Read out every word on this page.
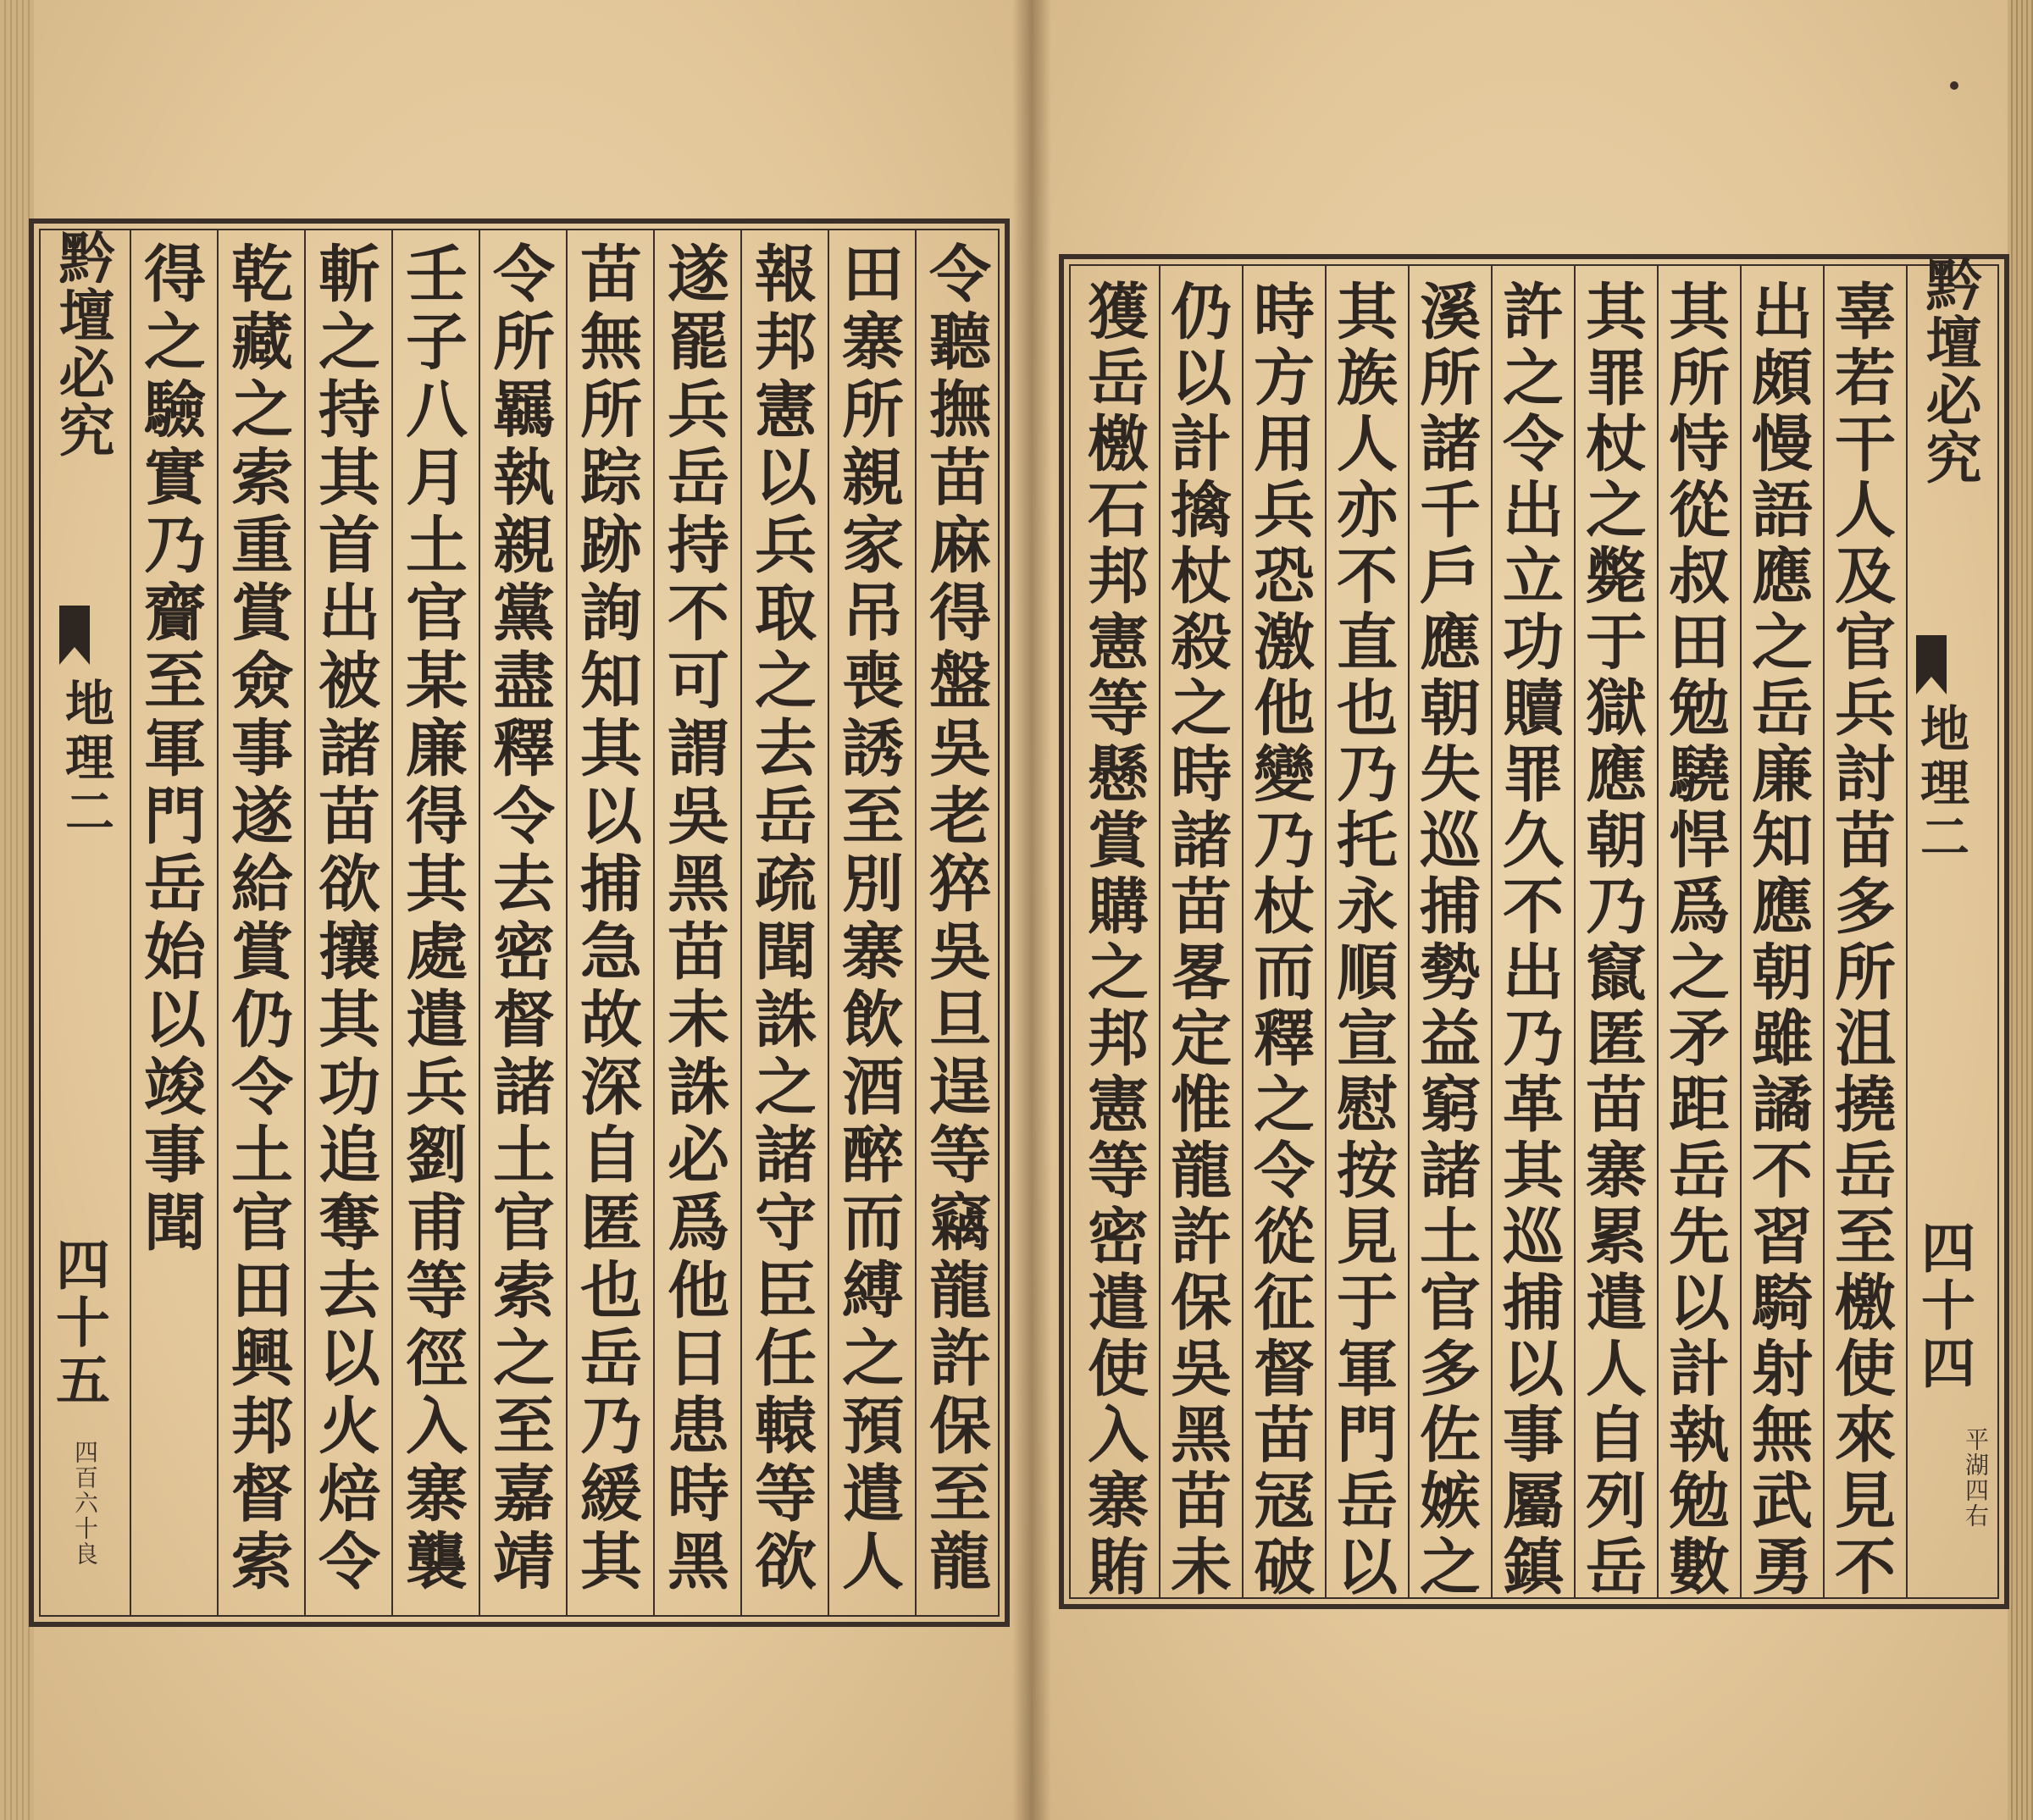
令聽撫苗麻得盤吳老猝吳旦逞等竊龍許保至龍
田寨所親家吊喪誘至別寨飲酒醉而縛之預遣人
報邦憲以兵取之去岳疏聞誅之諸守臣任轅等欲
遂罷兵岳持不可謂吳黑苗未誅必爲他日患時黑
苗無所踪跡詢知其以捕急故深自匿也岳乃緩其
令所羈執親黨盡釋令去密督諸土官索之至嘉靖
壬子八月土官某廉得其處遣兵劉甫等徑入寨襲
斬之持其首出被諸苗欲攘其功追奪去以火焙令
乾藏之索重賞僉事遂給賞仍令土官田興邦督索
得之驗實乃齎至軍門岳始以竣事聞
黔壇必究
地理二
四十五
四百六十良
黔壇必究
地理二
四十四
平湖四右
辜若干人及官兵討苗多所沮撓岳至檄使來見不
出頗慢語應之岳廉知應朝雖譎不習騎射無武勇
其所恃從叔田勉驍悍爲之矛距岳先以計執勉數
其罪杖之斃于獄應朝乃竄匿苗寨累遣人自列岳
許之令出立功贖罪久不出乃革其巡捕以事屬鎮
溪所諸千戶應朝失巡捕勢益窮諸土官多佐嫉之
其族人亦不直也乃托永順宣慰按見于軍門岳以
時方用兵恐激他變乃杖而釋之令從征督苗冦破
仍以計擒杖殺之時諸苗畧定惟龍許保吳黑苗未
獲岳檄石邦憲等懸賞購之邦憲等密遣使入寨賄
